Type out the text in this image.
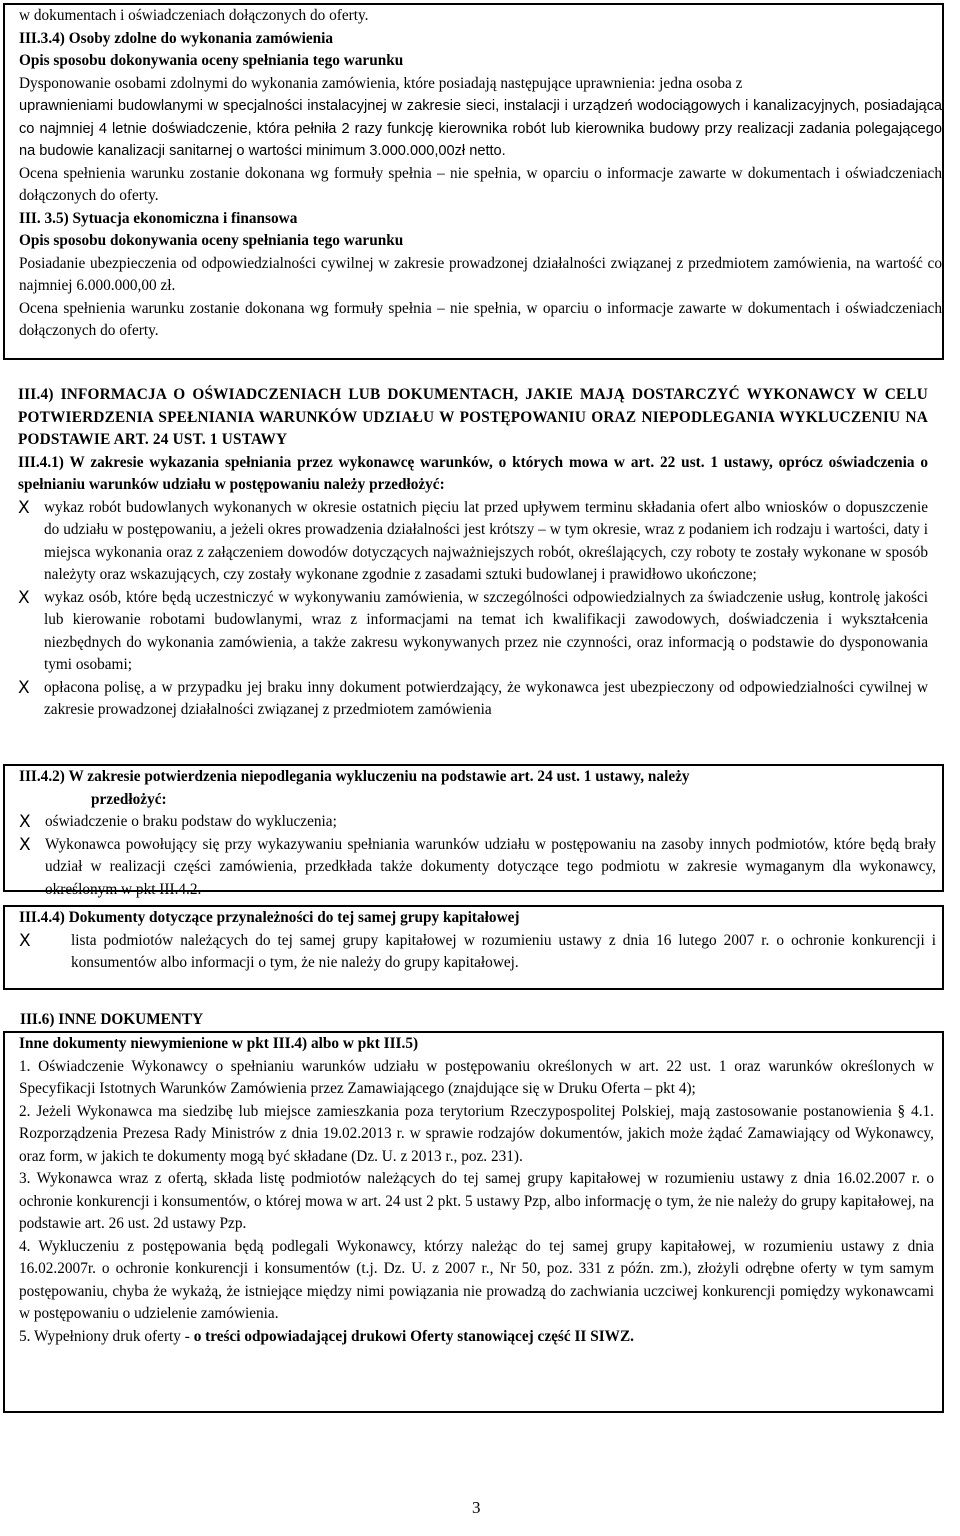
w dokumentach i oświadczeniach dołączonych do oferty.

III.3.4) Osoby zdolne do wykonania zamówienia

Opis sposobu dokonywania oceny spełniania tego warunku

Dysponowanie osobami zdolnymi do wykonania zamówienia, które posiadają następujące uprawnienia: jedna osoba z

uprawnieniami budowlanymi w specjalności instalacyjnej w zakresie sieci, instalacji i urządzeń wodociągowych i kanalizacyjnych, posiadająca co najmniej 4 letnie doświadczenie, która pełniła 2 razy funkcję kierownika robót lub kierownika budowy przy realizacji zadania polegającego na budowie kanalizacji sanitarnej o wartości minimum 3.000.000,00zł netto.

Ocena spełnienia warunku zostanie dokonana wg formuły spełnia – nie spełnia, w oparciu o informacje zawarte w dokumentach i oświadczeniach dołączonych do oferty.

III. 3.5) Sytuacja ekonomiczna i finansowa

Opis sposobu dokonywania oceny spełniania tego warunku

Posiadanie ubezpieczenia od odpowiedzialności cywilnej w zakresie prowadzonej działalności związanej z przedmiotem zamówienia, na wartość co najmniej 6.000.000,00 zł.

Ocena spełnienia warunku zostanie dokonana wg formuły spełnia – nie spełnia, w oparciu o informacje zawarte w dokumentach i oświadczeniach dołączonych do oferty.

III.4) INFORMACJA O OŚWIADCZENIACH LUB DOKUMENTACH, JAKIE MAJĄ DOSTARCZYĆ WYKONAWCY W CELU POTWIERDZENIA SPEŁNIANIA WARUNKÓW UDZIAŁU W POSTĘPOWANIU ORAZ NIEPODLEGANIA WYKLUCZENIU NA PODSTAWIE ART. 24 UST. 1 USTAWY

III.4.1) W zakresie wykazania spełniania przez wykonawcę warunków, o których mowa w art. 22 ust. 1 ustawy, oprócz oświadczenia o spełnianiu warunków udziału w postępowaniu należy przedłożyć:

X wykaz robót budowlanych wykonanych w okresie ostatnich pięciu lat przed upływem terminu składania ofert albo wniosków o dopuszczenie do udziału w postępowaniu, a jeżeli okres prowadzenia działalności jest krótszy – w tym okresie, wraz z podaniem ich rodzaju i wartości, daty i miejsca wykonania oraz z załączeniem dowodów dotyczących najważniejszych robót, określających, czy roboty te zostały wykonane w sposób należyty oraz wskazujących, czy zostały wykonane zgodnie z zasadami sztuki budowlanej i prawidłowo ukończone;
X wykaz osób, które będą uczestniczyć w wykonywaniu zamówienia, w szczególności odpowiedzialnych za świadczenie usług, kontrolę jakości lub kierowanie robotami budowlanymi, wraz z informacjami na temat ich kwalifikacji zawodowych, doświadczenia i wykształcenia niezbędnych do wykonania zamówienia, a także zakresu wykonywanych przez nie czynności, oraz informacją o podstawie do dysponowania tymi osobami;
X opłacona polisę, a w przypadku jej braku inny dokument potwierdzający, że wykonawca jest ubezpieczony od odpowiedzialności cywilnej w zakresie prowadzonej działalności związanej z przedmiotem zamówienia

III.4.2) W zakresie potwierdzenia niepodlegania wykluczeniu na podstawie art. 24 ust. 1 ustawy, należy

przedłożyć:

X oświadczenie o braku podstaw do wykluczenia;
X Wykonawca powołujący się przy wykazywaniu spełniania warunków udziału w postępowaniu na zasoby innych podmiotów, które będą brały udział w realizacji części zamówienia, przedkłada także dokumenty dotyczące tego podmiotu w zakresie wymaganym dla wykonawcy, określonym w pkt III.4.2.

III.4.4) Dokumenty dotyczące przynależności do tej samej grupy kapitałowej

X	lista podmiotów należących do tej samej grupy kapitałowej w rozumieniu ustawy z dnia 16 lutego 2007 r. o ochronie konkurencji i konsumentów albo informacji o tym, że nie należy do grupy kapitałowej.

III.6) INNE DOKUMENTY

Inne dokumenty niewymienione w pkt III.4) albo w pkt III.5)

1. Oświadczenie Wykonawcy o spełnianiu warunków udziału w postępowaniu określonych w art. 22 ust. 1 oraz warunków określonych w Specyfikacji Istotnych Warunków Zamówienia przez Zamawiającego (znajdujące się w Druku Oferta – pkt 4);

2. Jeżeli Wykonawca ma siedzibę lub miejsce zamieszkania poza terytorium Rzeczypospolitej Polskiej, mają zastosowanie postanowienia § 4.1. Rozporządzenia Prezesa Rady Ministrów z dnia 19.02.2013 r. w sprawie rodzajów dokumentów, jakich może żądać Zamawiający od Wykonawcy, oraz form, w jakich te dokumenty mogą być składane (Dz. U. z 2013 r., poz. 231).

3. Wykonawca wraz z ofertą, składa listę podmiotów należących do tej samej grupy kapitałowej w rozumieniu ustawy z dnia 16.02.2007 r. o ochronie konkurencji i konsumentów, o której mowa w art. 24 ust 2 pkt. 5 ustawy Pzp, albo informację o tym, że nie należy do grupy kapitałowej, na podstawie art. 26 ust. 2d ustawy Pzp.

4. Wykluczeniu z postępowania będą podlegali Wykonawcy, którzy należąc do tej samej grupy kapitałowej, w rozumieniu ustawy z dnia 16.02.2007r. o ochronie konkurencji i konsumentów (t.j. Dz. U. z 2007 r., Nr 50, poz. 331 z późn. zm.), złożyli odrębne oferty w tym samym postępowaniu, chyba że wykażą, że istniejące między nimi powiązania nie prowadzą do zachwiania uczciwej konkurencji pomiędzy wykonawcami w postępowaniu o udzielenie zamówienia.

5. Wypełniony druk oferty - o treści odpowiadającej drukowi Oferty stanowiącej część II SIWZ.

3
